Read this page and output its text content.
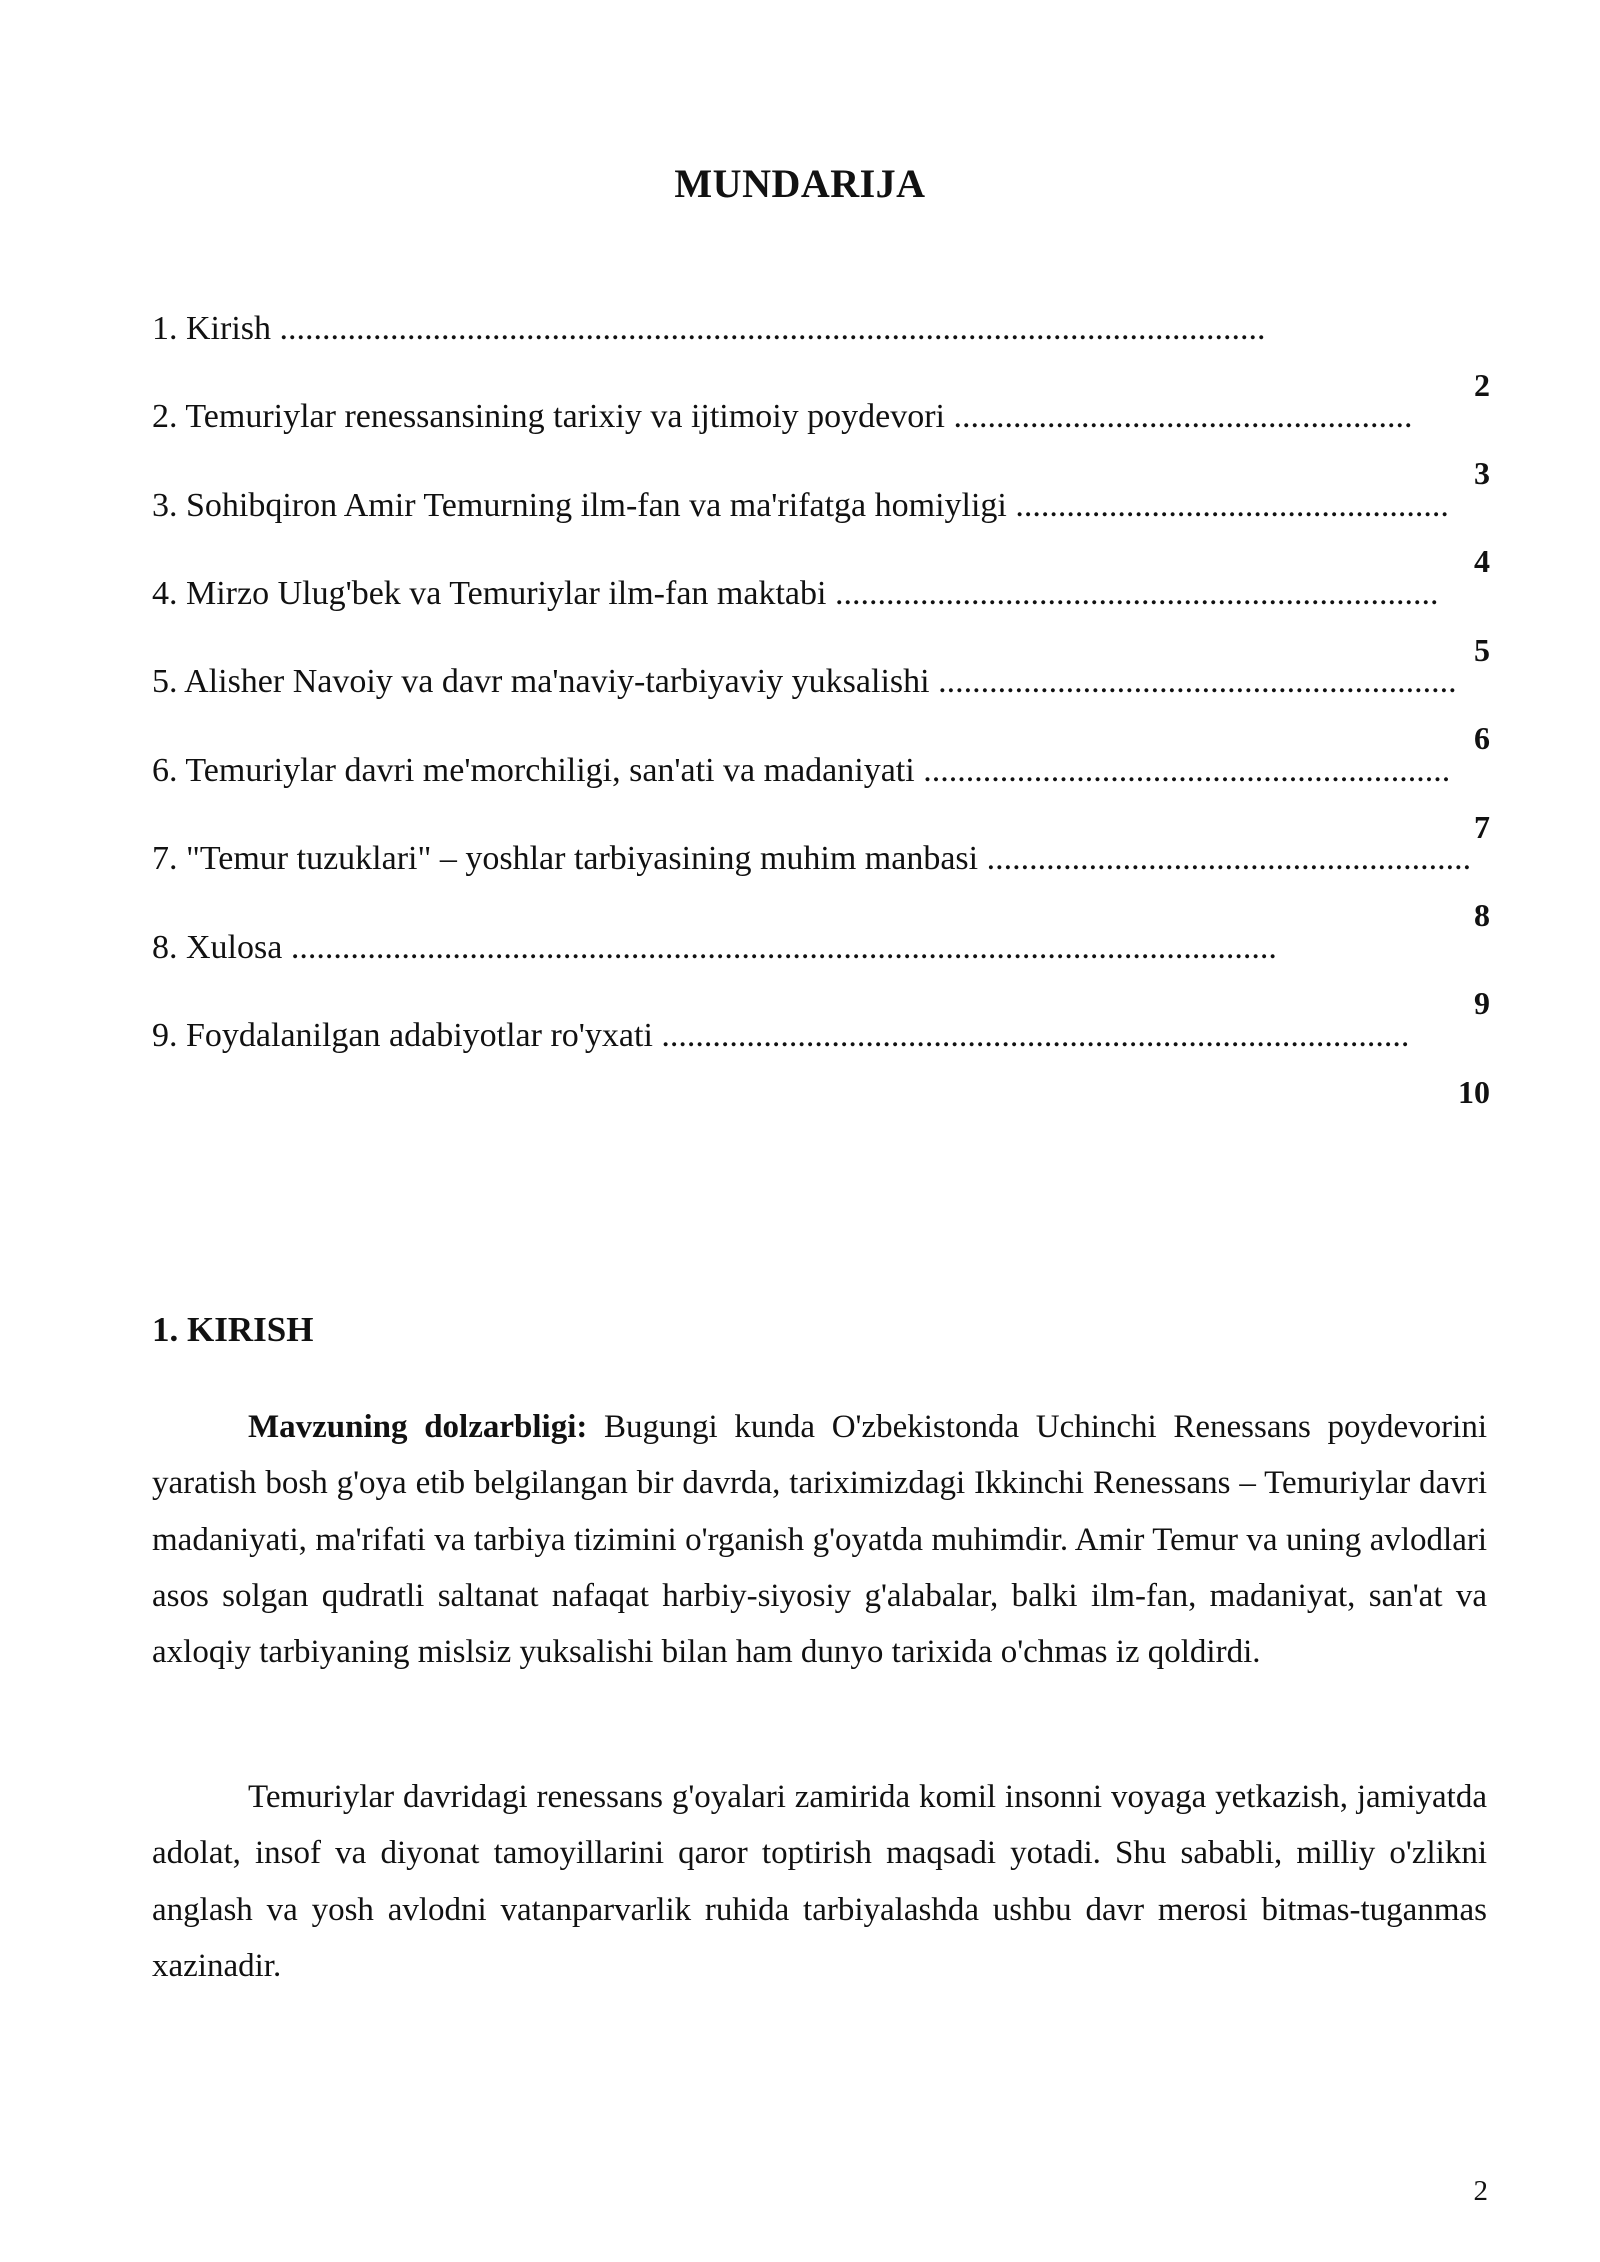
MUNDARIJA
1. Kirish ....................................................................................................................
2
2. Temuriylar renessansining tarixiy va ijtimoiy poydevori ......................................................
3
3. Sohibqiron Amir Temurning ilm-fan va ma'rifatga homiyligi ...................................................
4
4. Mirzo Ulug'bek va Temuriylar ilm-fan maktabi .......................................................................
5
5. Alisher Navoiy va davr ma'naviy-tarbiyaviy yuksalishi .............................................................
6
6. Temuriylar davri me'morchiligi, san'ati va madaniyati ..............................................................
7
7. "Temur tuzuklari" – yoshlar tarbiyasining muhim manbasi .........................................................
8
8. Xulosa ....................................................................................................................
9
9. Foydalanilgan adabiyotlar ro'yxati ........................................................................................
10
1. KIRISH

Mavzuning dolzarbligi: Bugungi kunda O'zbekistonda Uchinchi Renessans poydevorini yaratish bosh g'oya etib belgilangan bir davrda, tariximizdagi Ikkinchi Renessans – Temuriylar davri madaniyati, ma'rifati va tarbiya tizimini o'rganish g'oyatda muhimdir. Amir Temur va uning avlodlari asos solgan qudratli saltanat nafaqat harbiy-siyosiy g'alabalar, balki ilm-fan, madaniyat, san'at va axloqiy tarbiyaning mislsiz yuksalishi bilan ham dunyo tarixida o'chmas iz qoldirdi.

Temuriylar davridagi renessans g'oyalari zamirida komil insonni voyaga yetkazish, jamiyatda adolat, insof va diyonat tamoyillarini qaror toptirish maqsadi yotadi. Shu sababli, milliy o'zlikni anglash va yosh avlodni vatanparvarlik ruhida tarbiyalashda ushbu davr merosi bitmas-tuganmas xazinadir.

2
